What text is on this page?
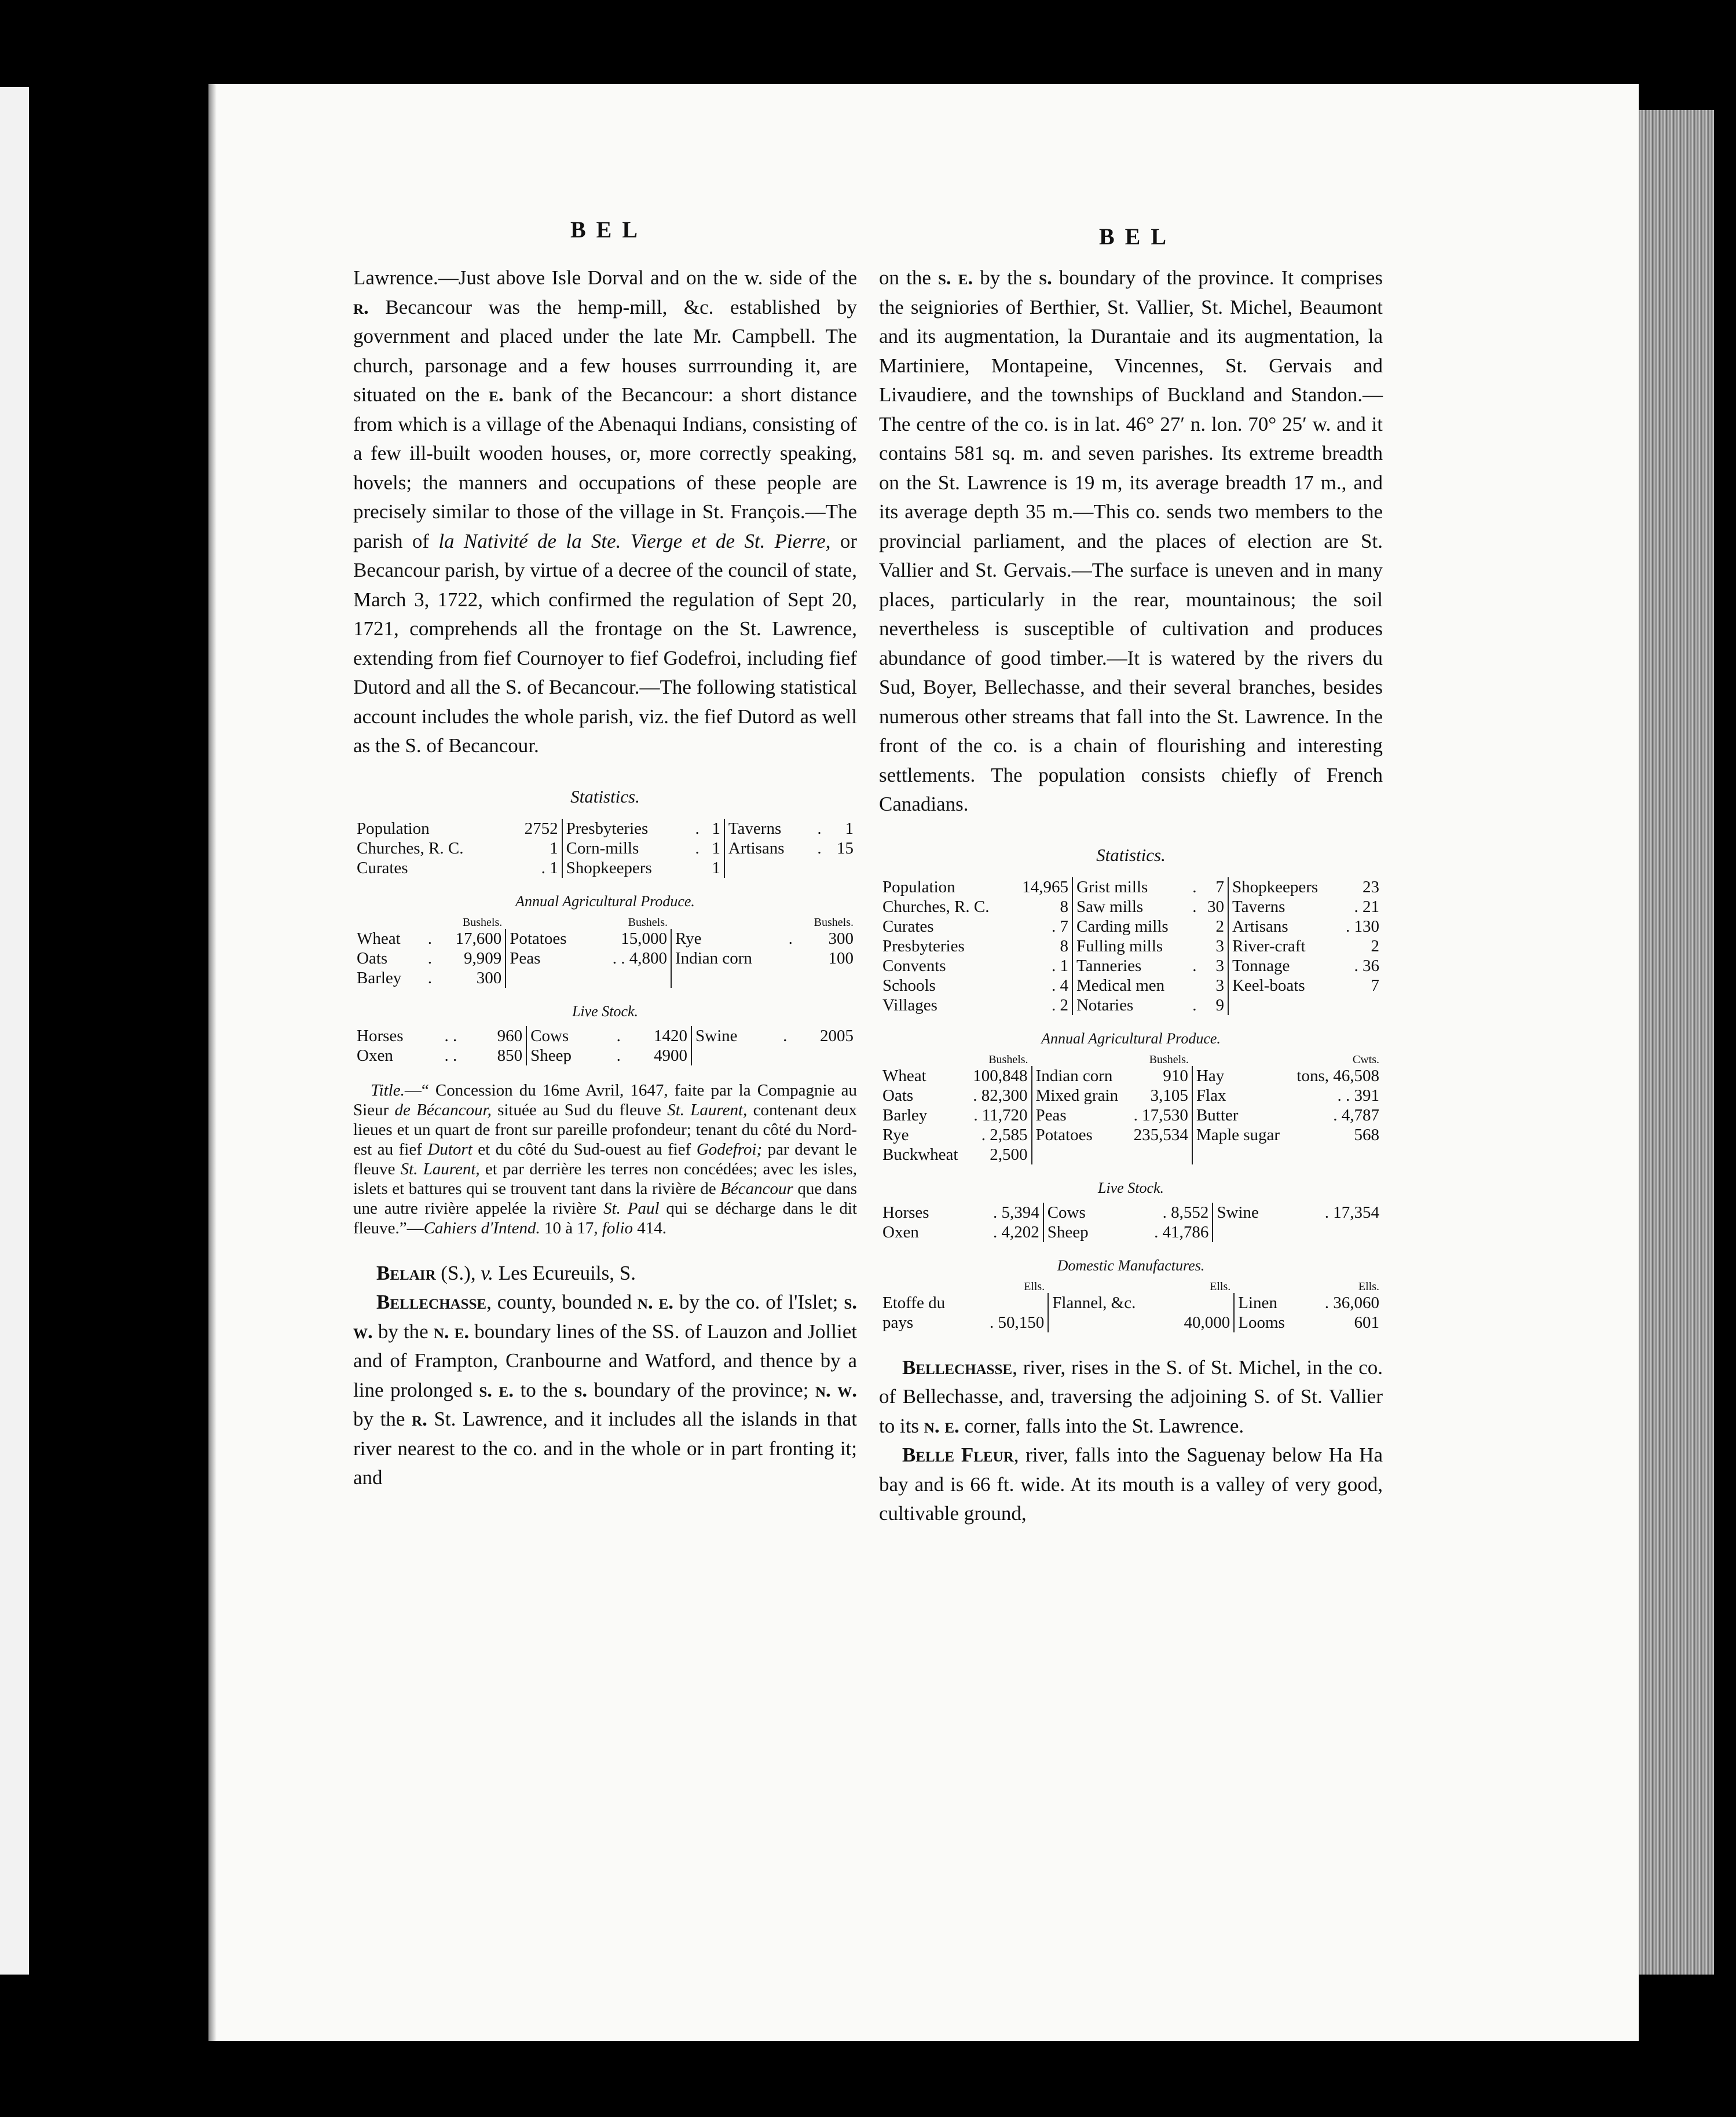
BEL	BEL

Lawrence.—Just above Isle Dorval and on the w. side of the r. Becancour was the hemp-mill, &c. established by government and placed under the late Mr. Campbell. The church, parsonage and a few houses surrrounding it, are situated on the e. bank of the Becancour: a short distance from which is a village of the Abenaqui Indians, consisting of a few ill-built wooden houses, or, more correctly speaking, hovels; the manners and occupations of these people are precisely similar to those of the village in St. François.—The parish of la Nativité de la Ste. Vierge et de St. Pierre, or Becancour parish, by virtue of a decree of the council of state, March 3, 1722, which confirmed the regulation of Sept 20, 1721, comprehends all the frontage on the St. Lawrence, extending from fief Cournoyer to fief Godefroi, including fief Dutord and all the S. of Becancour.—The following statistical account includes the whole parish, viz. the fief Dutord as well as the S. of Becancour.

Statistics.
Population	2752	Presbyteries	.	1	Taverns	.	1
Churches, R. C.	1	Corn-mills	.	1	Artisans	.	15
Curates	. 1	Shopkeepers		1			
Annual Agricultural Produce.
		Bushels.		Bushels.			Bushels.
Wheat	.	17,600	Potatoes	15,000	Rye	.	300
Oats	.	9,909	Peas	. . 4,800	Indian corn		100
Barley	.	300					
Live Stock.
Horses	. .	960	Cows	.	1420	Swine	.	2005
Oxen	. .	850	Sheep	.	4900			

Title.—“ Concession du 16me Avril, 1647, faite par la Compagnie au Sieur de Bécancour, située au Sud du fleuve St. Laurent, contenant deux lieues et un quart de front sur pareille profondeur; tenant du côté du Nord-est au fief Dutort et du côté du Sud-ouest au fief Godefroi; par devant le fleuve St. Laurent, et par derrière les terres non concédées; avec les isles, islets et battures qui se trouvent tant dans la rivière de Bécancour que dans une autre rivière appelée la rivière St. Paul qui se décharge dans le dit fleuve.”—Cahiers d'Intend. 10 à 17, folio 414.

Belair (S.), v. Les Ecureuils, S.

Bellechasse, county, bounded n. e. by the co. of l'Islet; s. w. by the n. e. boundary lines of the SS. of Lauzon and Jolliet and of Frampton, Cranbourne and Watford, and thence by a line prolonged s. e. to the s. boundary of the province; n. w. by the r. St. Lawrence, and it includes all the islands in that river nearest to the co. and in the whole or in part fronting it; and

on the s. e. by the s. boundary of the province. It comprises the seigniories of Berthier, St. Vallier, St. Michel, Beaumont and its augmentation, la Durantaie and its augmentation, la Martiniere, Montapeine, Vincennes, St. Gervais and Livaudiere, and the townships of Buckland and Standon.—The centre of the co. is in lat. 46° 27′ n. lon. 70° 25′ w. and it contains 581 sq. m. and seven parishes. Its extreme breadth on the St. Lawrence is 19 m, its average breadth 17 m., and its average depth 35 m.—This co. sends two members to the provincial parliament, and the places of election are St. Vallier and St. Gervais.—The surface is uneven and in many places, particularly in the rear, mountainous; the soil nevertheless is susceptible of cultivation and produces abundance of good timber.—It is watered by the rivers du Sud, Boyer, Bellechasse, and their several branches, besides numerous other streams that fall into the St. Lawrence. In the front of the co. is a chain of flourishing and interesting settlements. The population consists chiefly of French Canadians.

Statistics.
Population	14,965	Grist mills	.	7	Shopkeepers	23
Churches, R. C.	8	Saw mills	.	30	Taverns	. 21
Curates	. 7	Carding mills		2	Artisans	. 130
Presbyteries	8	Fulling mills		3	River-craft	2
Convents	. 1	Tanneries	.	3	Tonnage	. 36
Schools	. 4	Medical men		3	Keel-boats	7
Villages	. 2	Notaries	.	9		
Annual Agricultural Produce.
	Bushels.		Bushels.		Cwts.
Wheat	100,848	Indian corn	910	Hay	tons, 46,508
Oats	. 82,300	Mixed grain	3,105	Flax	. . 391
Barley	. 11,720	Peas	. 17,530	Butter	. 4,787
Rye	. 2,585	Potatoes	235,534	Maple sugar	568
Buckwheat	2,500				
Live Stock.
Horses	. 5,394	Cows	. 8,552	Swine	. 17,354
Oxen	. 4,202	Sheep	. 41,786		
Domestic Manufactures.
	Ells.		Ells.		Ells.
Etoffe du		Flannel, &c.		Linen	. 36,060
pays	. 50,150		40,000	Looms	601

Bellechasse, river, rises in the S. of St. Michel, in the co. of Bellechasse, and, traversing the adjoining S. of St. Vallier to its n. e. corner, falls into the St. Lawrence.

Belle Fleur, river, falls into the Saguenay below Ha Ha bay and is 66 ft. wide. At its mouth is a valley of very good, cultivable ground,
